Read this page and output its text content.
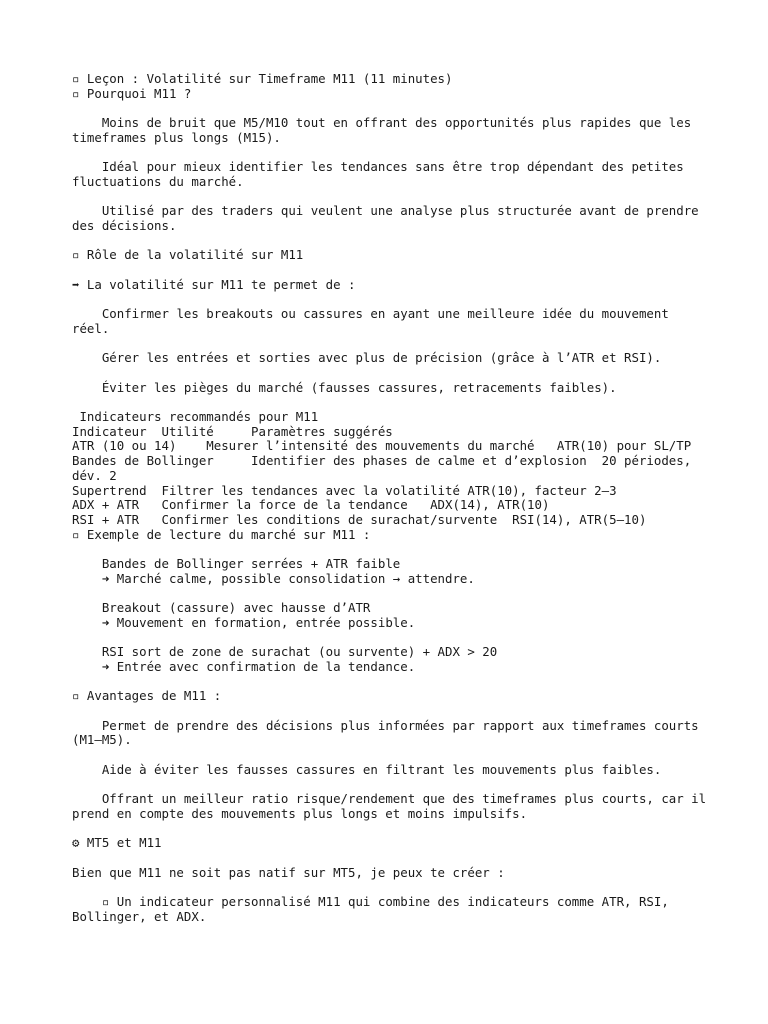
▫ Leçon : Volatilité sur Timeframe M11 (11 minutes)
▫ Pourquoi M11 ?
Moins de bruit que M5/M10 tout en offrant des opportunités plus rapides que les timeframes plus longs (M15).
Idéal pour mieux identifier les tendances sans être trop dépendant des petites fluctuations du marché.
Utilisé par des traders qui veulent une analyse plus structurée avant de prendre des décisions.
▫ Rôle de la volatilité sur M11
➡ La volatilité sur M11 te permet de :
Confirmer les breakouts ou cassures en ayant une meilleure idée du mouvement réel.
Gérer les entrées et sorties avec plus de précision (grâce à l’ATR et RSI).
Éviter les pièges du marché (fausses cassures, retracements faibles).
Indicateurs recommandés pour M11
Indicateur  Utilité     Paramètres suggérés
ATR (10 ou 14)    Mesurer l’intensité des mouvements du marché   ATR(10) pour SL/TP
Bandes de Bollinger     Identifier des phases de calme et d’explosion  20 périodes, dév. 2
Supertrend  Filtrer les tendances avec la volatilité ATR(10), facteur 2–3
ADX + ATR   Confirmer la force de la tendance   ADX(14), ATR(10)
RSI + ATR   Confirmer les conditions de surachat/survente  RSI(14), ATR(5–10)
▫ Exemple de lecture du marché sur M11 :
Bandes de Bollinger serrées + ATR faible
➜ Marché calme, possible consolidation → attendre.
Breakout (cassure) avec hausse d’ATR
➜ Mouvement en formation, entrée possible.
RSI sort de zone de surachat (ou survente) + ADX > 20
➜ Entrée avec confirmation de la tendance.
▫ Avantages de M11 :
Permet de prendre des décisions plus informées par rapport aux timeframes courts (M1–M5).
Aide à éviter les fausses cassures en filtrant les mouvements plus faibles.
Offrant un meilleur ratio risque/rendement que des timeframes plus courts, car il prend en compte des mouvements plus longs et moins impulsifs.
⚙ MT5 et M11
Bien que M11 ne soit pas natif sur MT5, je peux te créer :
▫ Un indicateur personnalisé M11 qui combine des indicateurs comme ATR, RSI, Bollinger, et ADX.
